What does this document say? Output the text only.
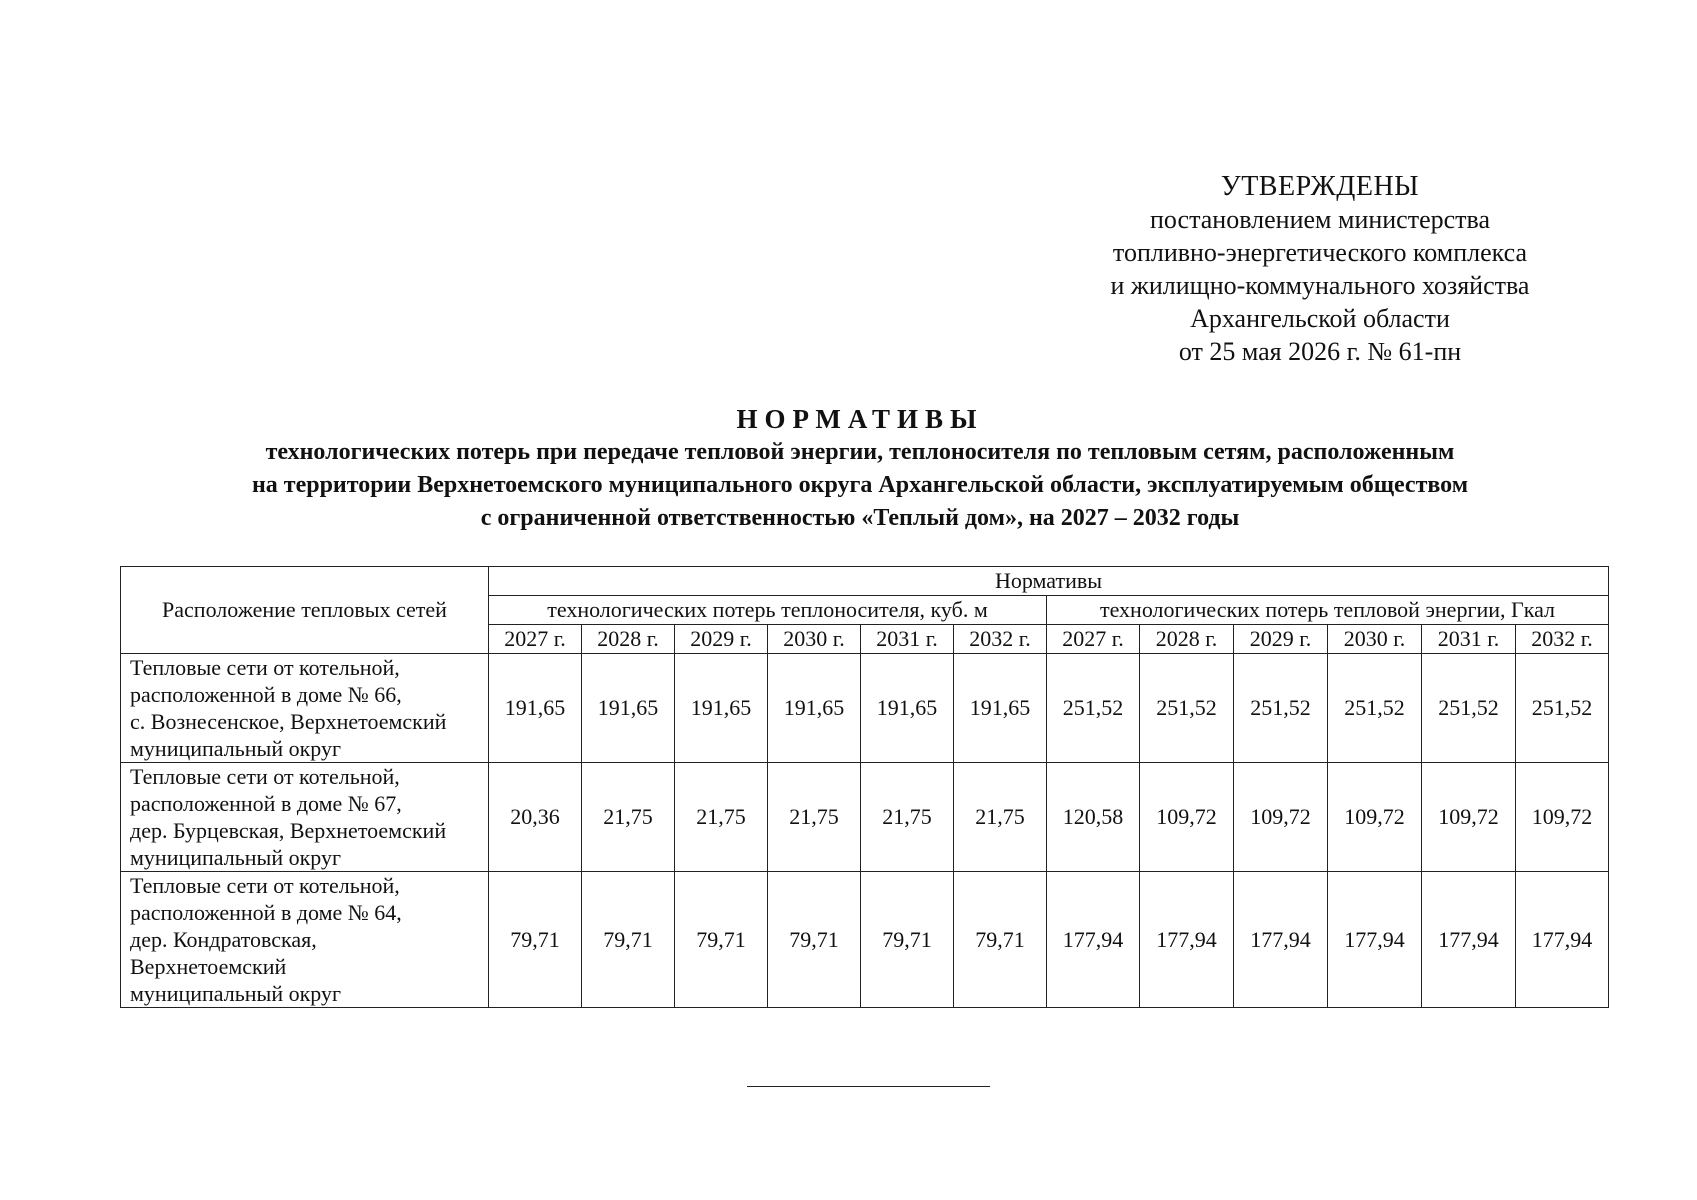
УТВЕРЖДЕНЫ
постановлением министерства
топливно-энергетического комплекса
и жилищно-коммунального хозяйства
Архангельской области
от 25 мая 2026 г. № 61-пн
НОРМАТИВЫ
технологических потерь при передаче тепловой энергии, теплоносителя по тепловым сетям, расположенным
на территории Верхнетоемского муниципального округа Архангельской области, эксплуатируемым обществом
с ограниченной ответственностью «Теплый дом», на 2027 – 2032 годы
Расположение тепловых сетей	Нормативы											
	технологических потерь теплоносителя, куб. м						технологических потерь тепловой энергии, Гкал					
	2027 г.	2028 г.	2029 г.	2030 г.	2031 г.	2032 г.	2027 г.	2028 г.	2029 г.	2030 г.	2031 г.	2032 г.

Тепловые сети от котельной,
расположенной в доме № 66,
с. Вознесенское, Верхнетоемский
муниципальный округ	191,65	191,65	191,65	191,65	191,65	191,65	251,52	251,52	251,52	251,52	251,52	251,52

Тепловые сети от котельной,
расположенной в доме № 67,
дер. Бурцевская, Верхнетоемский
муниципальный округ	20,36	21,75	21,75	21,75	21,75	21,75	120,58	109,72	109,72	109,72	109,72	109,72

Тепловые сети от котельной,
расположенной в доме № 64,
дер. Кондратовская,
Верхнетоемский
муниципальный округ	79,71	79,71	79,71	79,71	79,71	79,71	177,94	177,94	177,94	177,94	177,94	177,94
